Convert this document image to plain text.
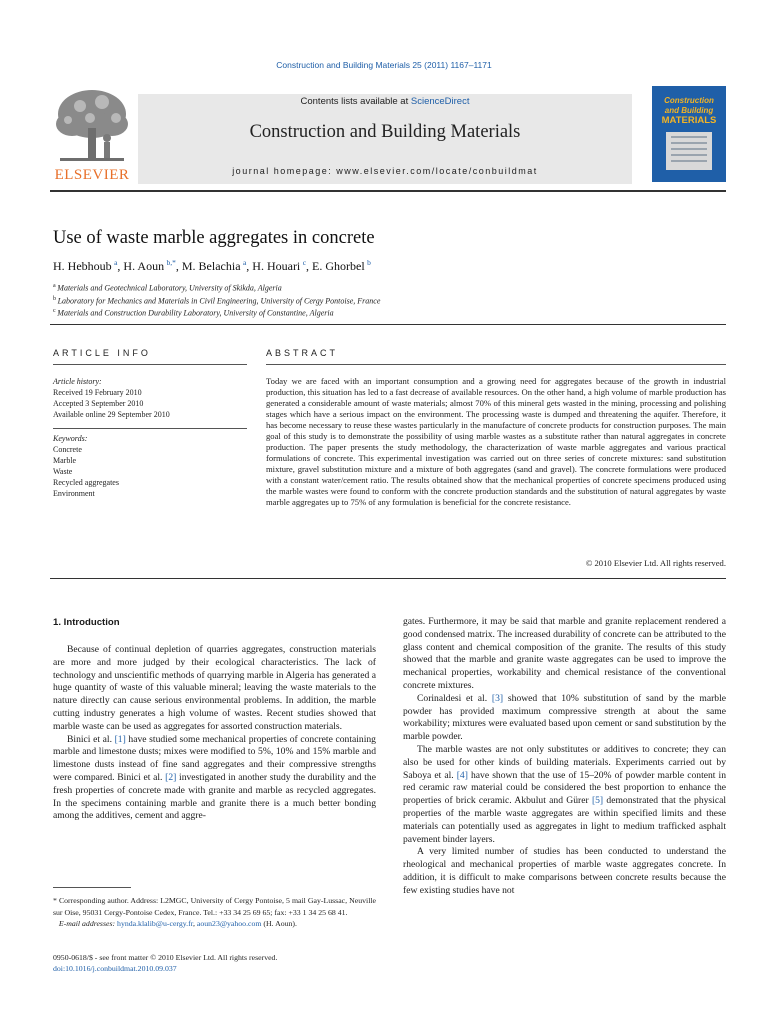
Construction and Building Materials 25 (2011) 1167–1171
ELSEVIER
Contents lists available at ScienceDirect
Construction and Building Materials
journal homepage: www.elsevier.com/locate/conbuildmat
Construction
and Building
MATERIALS
Use of waste marble aggregates in concrete
H. Hebhoub  $^a$, H. Aoun  $^{b,*}$, M. Belachia  $^a$, H. Houari  $^c$, E. Ghorbel  $^b$
$^a$  Materials and Geotechnical Laboratory, University of Skikda, Algeria
$^b$  Laboratory for Mechanics and Materials in Civil Engineering, University of Cergy Pontoise, France
$^c$  Materials and Construction Durability Laboratory, University of Constantine, Algeria
ARTICLE INFO	ABSTRACT
Article history:
Received 19 February 2010
Accepted 3 September 2010
Available online 29 September 2010
Keywords:
Concrete
Marble
Waste
Recycled aggregates
Environment
Today we are faced with an important consumption and a growing need for aggregates because of the growth in industrial production, this situation has led to a fast decrease of available resources. On the other hand, a high volume of marble production has generated a considerable amount of waste materials; almost 70% of this mineral gets wasted in the mining, processing and polishing stages which have a serious impact on the environment. The processing waste is dumped and threatening the aquifer. Therefore, it has become necessary to reuse these wastes particularly in the manufacture of concrete products for construction purposes. The main goal of this study is to demonstrate the possibility of using marble wastes as a substitute rather than natural aggregates in concrete production. The paper presents the study methodology, the characterization of waste marble aggregates and various practical formulations of concrete. This experimental investigation was carried out on three series of concrete mixtures: sand substitution mixture, gravel substitution mixture and a mixture of both aggregates (sand and gravel). The concrete formulations were produced with a constant water/cement ratio. The results obtained show that the mechanical properties of concrete specimens produced using the marble wastes were found to conform with the concrete production standards and the substitution of natural aggregates by waste marble aggregates up to 75% of any formulation is beneficial for the concrete resistance.
© 2010 Elsevier Ltd. All rights reserved.
1. Introduction

Because of continual depletion of quarries aggregates, construction materials are more and more judged by their ecological characteristics. The lack of technology and unscientific methods of quarrying marble in Algeria has generated a huge quantity of waste of this valuable mineral; leaving the waste materials to the nature directly can cause serious environmental problems. In addition, the marble cutting industry generates a high volume of wastes. Recent studies showed that marble waste can be used as aggregates for assorted construction materials.

Binici et al. [1] have studied some mechanical properties of concrete containing marble and limestone dusts; mixes were modified to 5%, 10% and 15% marble and limestone dusts instead of fine sand aggregates and their compressive strengths were compared. Binici et al. [2] investigated in another study the durability and the fresh properties of concrete made with granite and marble as recycled aggregates. In the specimens containing marble and granite there is a much better bonding among the additives, cement and aggre-

gates. Furthermore, it may be said that marble and granite replacement rendered a good condensed matrix. The increased durability of concrete can be attributed to the glass content and chemical composition of the granite. The results of this study showed that the marble and granite waste aggregates can be used to improve the mechanical properties, workability and chemical resistance of the conventional concrete mixtures.

Corinaldesi et al. [3] showed that 10% substitution of sand by the marble powder has provided maximum compressive strength at about the same workability; mixtures were evaluated based upon cement or sand substitution by the marble powder.

The marble wastes are not only substitutes or additives to concrete; they can also be used for other kinds of building materials. Experiments carried out by Saboya et al. [4] have shown that the use of 15–20% of powder marble content in red ceramic raw material could be considered the best proportion to enhance the properties of brick ceramic. Akbulut and Gürer [5] demonstrated that the physical properties of the marble waste aggregates are within specified limits and these materials can potentially used as aggregates in light to medium trafficked asphalt pavement binder layers.

A very limited number of studies has been conducted to understand the rheological and mechanical properties of marble waste aggregates concrete. In addition, it is difficult to make comparisons between concrete results because the few existing studies have not

* Corresponding author. Address: L2MGC, University of Cergy Pontoise, 5 mail Gay-Lussac, Neuville sur Oise, 95031 Cergy-Pontoise Cedex, France. Tel.: +33 34 25 69 65; fax: +33 1 34 25 68 41.
E-mail addresses: hynda.klalib@u-cergy.fr, aoun23@yahoo.com (H. Aoun).
0950-0618/$ - see front matter © 2010 Elsevier Ltd. All rights reserved.
doi:10.1016/j.conbuildmat.2010.09.037
